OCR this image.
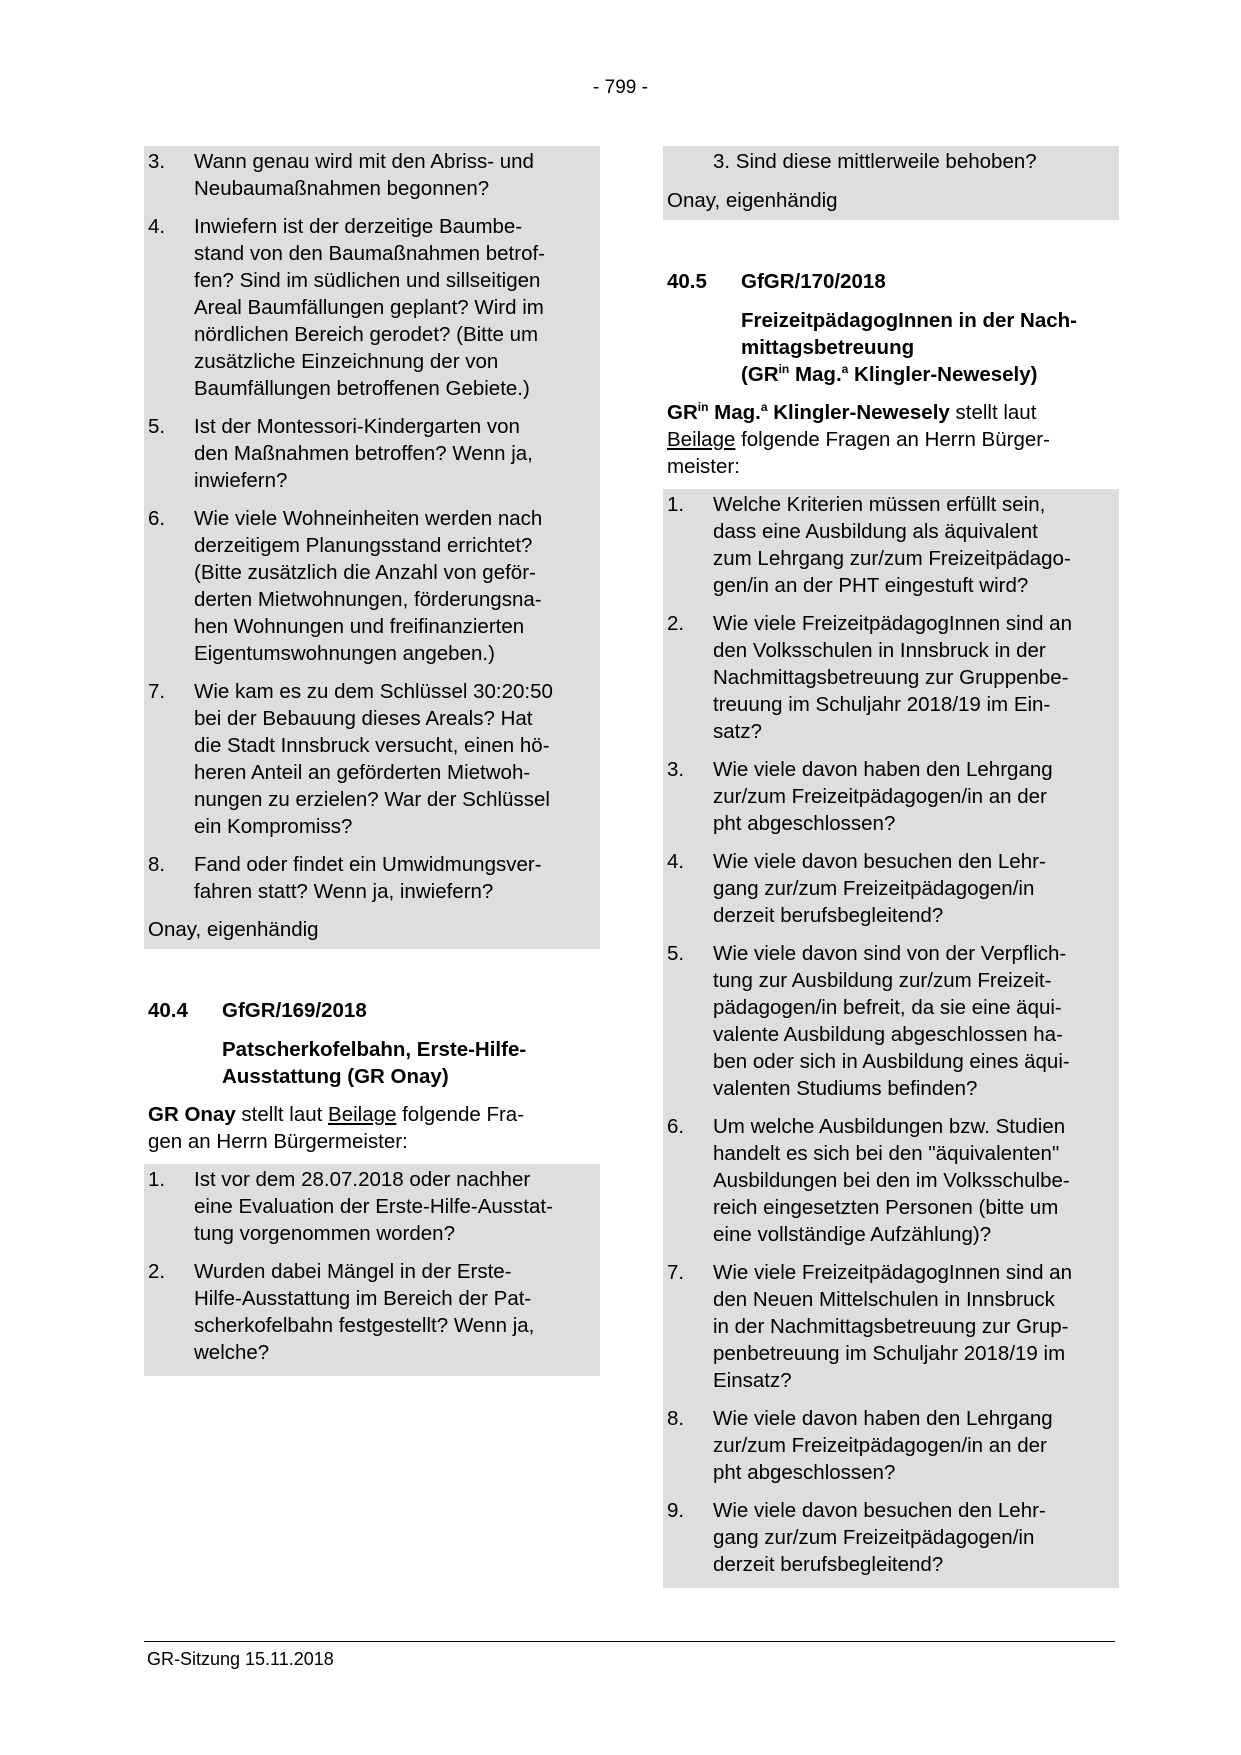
- 799 -
3.	Wann genau wird mit den Abriss- und
Neubaumaßnahmen begonnen?
4.	Inwiefern ist der derzeitige Baumbe-
stand von den Baumaßnahmen betrof-
fen? Sind im südlichen und sillseitigen
Areal Baumfällungen geplant? Wird im
nördlichen Bereich gerodet? (Bitte um
zusätzliche Einzeichnung der von
Baumfällungen betroffenen Gebiete.)
5.	Ist der Montessori-Kindergarten von
den Maßnahmen betroffen? Wenn ja,
inwiefern?
6.	Wie viele Wohneinheiten werden nach
derzeitigem Planungsstand errichtet?
(Bitte zusätzlich die Anzahl von geför-
derten Mietwohnungen, förderungsna-
hen Wohnungen und freifinanzierten
Eigentumswohnungen angeben.)
7.	Wie kam es zu dem Schlüssel 30:20:50
bei der Bebauung dieses Areals? Hat
die Stadt Innsbruck versucht, einen hö-
heren Anteil an geförderten Mietwoh-
nungen zu erzielen? War der Schlüssel
ein Kompromiss?
8.	Fand oder findet ein Umwidmungsver-
fahren statt? Wenn ja, inwiefern?
Onay, eigenhändig
40.4	GfGR/169/2018
Patscherkofelbahn, Erste-Hilfe-
Ausstattung (GR Onay)
GR Onay stellt laut Beilage folgende Fra-
gen an Herrn Bürgermeister:
1.	Ist vor dem 28.07.2018 oder nachher
eine Evaluation der Erste-Hilfe-Ausstat-
tung vorgenommen worden?
2.	Wurden dabei Mängel in der Erste-
Hilfe-Ausstattung im Bereich der Pat-
scherkofelbahn festgestellt? Wenn ja,
welche?
3. Sind diese mittlerweile behoben?
Onay, eigenhändig
40.5	GfGR/170/2018
FreizeitpädagogInnen in der Nach-
mittagsbetreuung
($GR^{in}$ Mag.$^a$ Klingler-Newesely)
$GR^{in}$ Mag.$^a$ Klingler-Newesely stellt laut
Beilage folgende Fragen an Herrn Bürger-
meister:
1.	Welche Kriterien müssen erfüllt sein,
dass eine Ausbildung als äquivalent
zum Lehrgang zur/zum Freizeitpädago-
gen/in an der PHT eingestuft wird?
2.	Wie viele FreizeitpädagogInnen sind an
den Volksschulen in Innsbruck in der
Nachmittagsbetreuung zur Gruppenbe-
treuung im Schuljahr 2018/19 im Ein-
satz?
3.	Wie viele davon haben den Lehrgang
zur/zum Freizeitpädagogen/in an der
pht abgeschlossen?
4.	Wie viele davon besuchen den Lehr-
gang zur/zum Freizeitpädagogen/in
derzeit berufsbegleitend?
5.	Wie viele davon sind von der Verpflich-
tung zur Ausbildung zur/zum Freizeit-
pädagogen/in befreit, da sie eine äqui-
valente Ausbildung abgeschlossen ha-
ben oder sich in Ausbildung eines äqui-
valenten Studiums befinden?
6.	Um welche Ausbildungen bzw. Studien
handelt es sich bei den "äquivalenten"
Ausbildungen bei den im Volksschulbe-
reich eingesetzten Personen (bitte um
eine vollständige Aufzählung)?
7.	Wie viele FreizeitpädagogInnen sind an
den Neuen Mittelschulen in Innsbruck
in der Nachmittagsbetreuung zur Grup-
penbetreuung im Schuljahr 2018/19 im
Einsatz?
8.	Wie viele davon haben den Lehrgang
zur/zum Freizeitpädagogen/in an der
pht abgeschlossen?
9.	Wie viele davon besuchen den Lehr-
gang zur/zum Freizeitpädagogen/in
derzeit berufsbegleitend?
GR-Sitzung 15.11.2018
